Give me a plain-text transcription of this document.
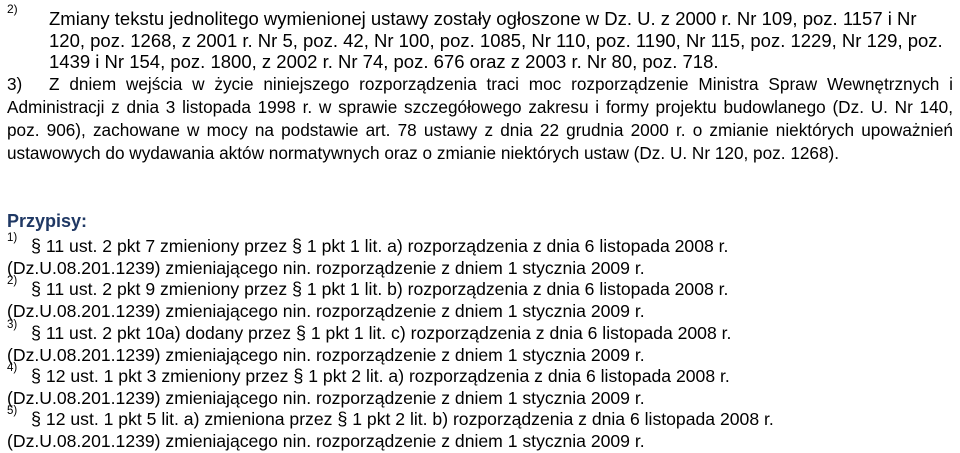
2) Zmiany tekstu jednolitego wymienionej ustawy zostały ogłoszone w Dz. U. z 2000 r. Nr 109, poz. 1157 i Nr 120, poz. 1268, z 2001 r. Nr 5, poz. 42, Nr 100, poz. 1085, Nr 110, poz. 1190, Nr 115, poz. 1229, Nr 129, poz. 1439 i Nr 154, poz. 1800, z 2002 r. Nr 74, poz. 676 oraz z 2003 r. Nr 80, poz. 718.
3) Z dniem wejścia w życie niniejszego rozporządzenia traci moc rozporządzenie Ministra Spraw Wewnętrznych i Administracji z dnia 3 listopada 1998 r. w sprawie szczegółowego zakresu i formy projektu budowlanego (Dz. U. Nr 140, poz. 906), zachowane w mocy na podstawie art. 78 ustawy z dnia 22 grudnia 2000 r. o zmianie niektórych upoważnień ustawowych do wydawania aktów normatywnych oraz o zmianie niektórych ustaw (Dz. U. Nr 120, poz. 1268).
Przypisy:
1) § 11 ust. 2 pkt 7 zmieniony przez § 1 pkt 1 lit. a) rozporządzenia z dnia 6 listopada 2008 r.
(Dz.U.08.201.1239) zmieniającego nin. rozporządzenie z dniem 1 stycznia 2009 r.
2) § 11 ust. 2 pkt 9 zmieniony przez § 1 pkt 1 lit. b) rozporządzenia z dnia 6 listopada 2008 r.
(Dz.U.08.201.1239) zmieniającego nin. rozporządzenie z dniem 1 stycznia 2009 r.
3) § 11 ust. 2 pkt 10a) dodany przez § 1 pkt 1 lit. c) rozporządzenia z dnia 6 listopada 2008 r.
(Dz.U.08.201.1239) zmieniającego nin. rozporządzenie z dniem 1 stycznia 2009 r.
4) § 12 ust. 1 pkt 3 zmieniony przez § 1 pkt 2 lit. a) rozporządzenia z dnia 6 listopada 2008 r.
(Dz.U.08.201.1239) zmieniającego nin. rozporządzenie z dniem 1 stycznia 2009 r.
5) § 12 ust. 1 pkt 5 lit. a) zmieniona przez § 1 pkt 2 lit. b) rozporządzenia z dnia 6 listopada 2008 r.
(Dz.U.08.201.1239) zmieniającego nin. rozporządzenie z dniem 1 stycznia 2009 r.
